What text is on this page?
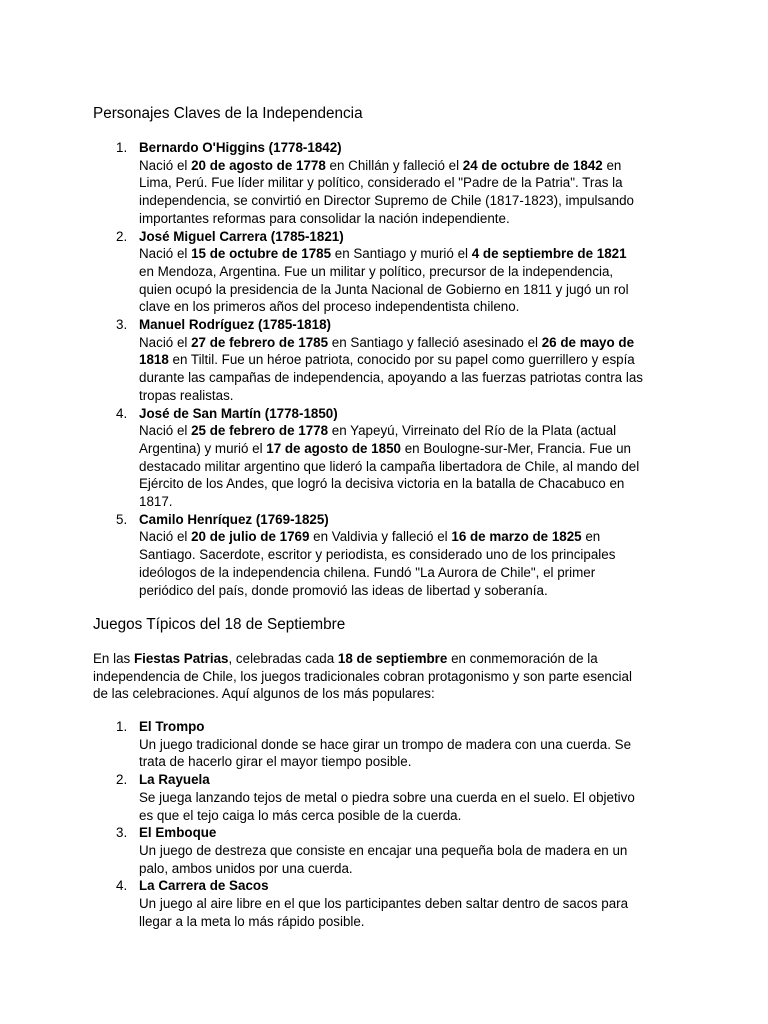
Personajes Claves de la Independencia
1. Bernardo O'Higgins (1778-1842)
Nació el 20 de agosto de 1778 en Chillán y falleció el 24 de octubre de 1842 en
Lima, Perú. Fue líder militar y político, considerado el "Padre de la Patria". Tras la
independencia, se convirtió en Director Supremo de Chile (1817-1823), impulsando
importantes reformas para consolidar la nación independiente.
2. José Miguel Carrera (1785-1821)
Nació el 15 de octubre de 1785 en Santiago y murió el 4 de septiembre de 1821
en Mendoza, Argentina. Fue un militar y político, precursor de la independencia,
quien ocupó la presidencia de la Junta Nacional de Gobierno en 1811 y jugó un rol
clave en los primeros años del proceso independentista chileno.
3. Manuel Rodríguez (1785-1818)
Nació el 27 de febrero de 1785 en Santiago y falleció asesinado el 26 de mayo de
1818 en Tiltil. Fue un héroe patriota, conocido por su papel como guerrillero y espía
durante las campañas de independencia, apoyando a las fuerzas patriotas contra las
tropas realistas.
4. José de San Martín (1778-1850)
Nació el 25 de febrero de 1778 en Yapeyú, Virreinato del Río de la Plata (actual
Argentina) y murió el 17 de agosto de 1850 en Boulogne-sur-Mer, Francia. Fue un
destacado militar argentino que lideró la campaña libertadora de Chile, al mando del
Ejército de los Andes, que logró la decisiva victoria en la batalla de Chacabuco en
1817.
5. Camilo Henríquez (1769-1825)
Nació el 20 de julio de 1769 en Valdivia y falleció el 16 de marzo de 1825 en
Santiago. Sacerdote, escritor y periodista, es considerado uno de los principales
ideólogos de la independencia chilena. Fundó "La Aurora de Chile", el primer
periódico del país, donde promovió las ideas de libertad y soberanía.
Juegos Típicos del 18 de Septiembre
En las Fiestas Patrias, celebradas cada 18 de septiembre en conmemoración de la
independencia de Chile, los juegos tradicionales cobran protagonismo y son parte esencial
de las celebraciones. Aquí algunos de los más populares:
1. El Trompo
Un juego tradicional donde se hace girar un trompo de madera con una cuerda. Se
trata de hacerlo girar el mayor tiempo posible.
2. La Rayuela
Se juega lanzando tejos de metal o piedra sobre una cuerda en el suelo. El objetivo
es que el tejo caiga lo más cerca posible de la cuerda.
3. El Emboque
Un juego de destreza que consiste en encajar una pequeña bola de madera en un
palo, ambos unidos por una cuerda.
4. La Carrera de Sacos
Un juego al aire libre en el que los participantes deben saltar dentro de sacos para
llegar a la meta lo más rápido posible.
